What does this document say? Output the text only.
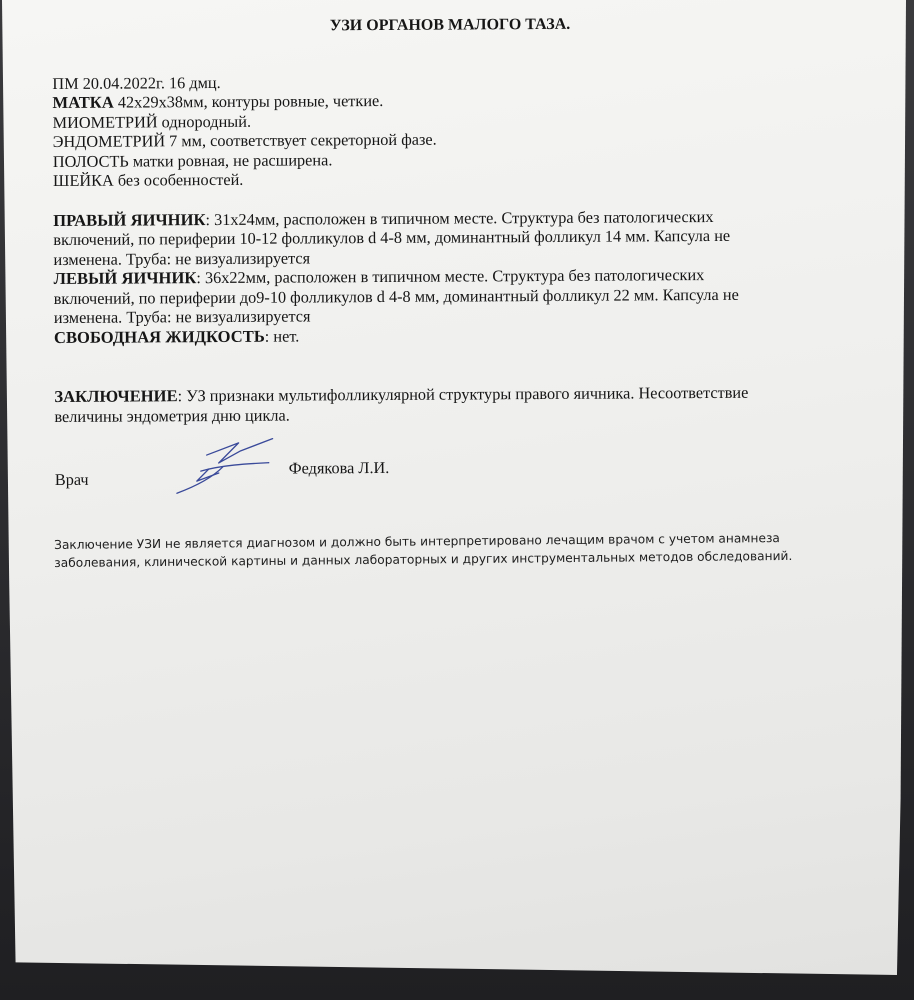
УЗИ ОРГАНОВ МАЛОГО ТАЗА.
ПМ 20.04.2022г. 16 дмц.
МАТКА 42х29х38мм, контуры ровные, четкие.
МИОМЕТРИЙ однородный.
ЭНДОМЕТРИЙ 7 мм, соответствует секреторной фазе.
ПОЛОСТЬ матки ровная, не расширена.
ШЕЙКА без особенностей.
ПРАВЫЙ ЯИЧНИК: 31х24мм, расположен в типичном месте. Структура без патологических
включений, по периферии 10-12 фолликулов d 4-8 мм, доминантный фолликул 14 мм. Капсула не
изменена. Труба: не визуализируется
ЛЕВЫЙ ЯИЧНИК: 36х22мм, расположен в типичном месте. Структура без патологических
включений, по периферии до9-10 фолликулов d 4-8 мм, доминантный фолликул 22 мм. Капсула не
изменена. Труба: не визуализируется
СВОБОДНАЯ ЖИДКОСТЬ: нет.
ЗАКЛЮЧЕНИЕ: УЗ признаки мультифолликулярной структуры правого яичника. Несоответствие
величины эндометрия дню цикла.
Врач
Федякова Л.И.
Заключение УЗИ не является диагнозом и должно быть интерпретировано лечащим врачом с учетом анамнеза
заболевания, клинической картины и данных лабораторных и других инструментальных методов обследований.
